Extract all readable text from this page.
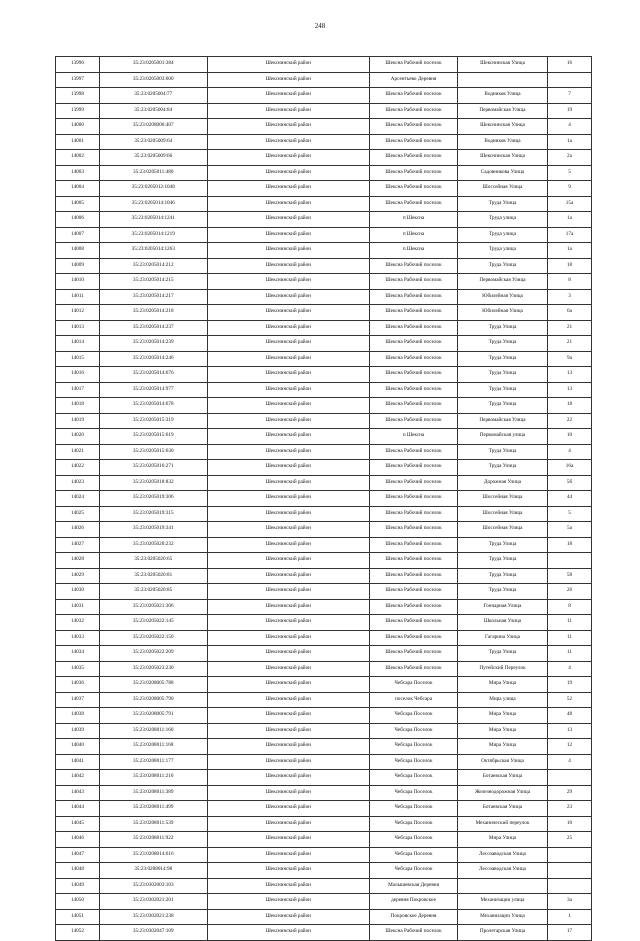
248
13996	35:23:0205001:384	Шекснинский район	Шексна Рабочий поселок	Шекснинская Улица	16
13997	35:23:0205003:600	Шекснинский район	Арсентьево Деревня		
13998	35:23:0205004:77	Шекснинский район	Шексна Рабочий поселок	Водников Улица	7
13999	35:23:0205004:84	Шекснинский район	Шексна Рабочий поселок	Первомайская Улица	19
14000	35:23:0208006:407	Шекснинский район	Шексна Рабочий поселок	Шекснинская Улица	4
14001	35:23:0205009:64	Шекснинский район	Шексна Рабочий поселок	Водников Улица	1а
14002	35:23:0205009:66	Шекснинский район	Шексна Рабочий поселок	Шекснинская Улица	2а
14003	35:23:0205011:480	Шекснинский район	Шексна Рабочий поселок	Садовникова Улица	5
14004	35:23:0205012:1048	Шекснинский район	Шексна Рабочий поселок	Шоссейная Улица	9
14005	35:23:0205014:1046	Шекснинский район	Шексна Рабочий поселок	Труда Улица	15а
14006	35:23:0205014:1241	Шекснинский район	п Шексна	Труда улица	1а
14007	35:23:0205014:1219	Шекснинский район	п Шексна	Труда улица	17а
14008	35:23:0205014:1263	Шекснинский район	п Шексна	Труда улица	1а
14009	35:23:0205014:212	Шекснинский район	Шексна Рабочий поселок	Труда Улица	18
14010	35:23:0205014:215	Шекснинский район	Шексна Рабочий поселок	Первомайская Улица	8
14011	35:23:0205014:217	Шекснинский район	Шексна Рабочий поселок	Юбилейная Улица	3
14012	35:23:0205014:218	Шекснинский район	Шексна Рабочий поселок	Юбилейная Улица	6а
14013	35:23:0205014:237	Шекснинский район	Шексна Рабочий поселок	Труда Улица	21
14014	35:23:0205014:239	Шекснинский район	Шексна Рабочий поселок	Труда Улица	21
14015	35:23:0205014:246	Шекснинский район	Шексна Рабочий поселок	Труда Улица	9а
14016	35:23:0205014:676	Шекснинский район	Шексна Рабочий поселок	Труда Улица	13
14017	35:23:0205014:977	Шекснинский район	Шексна Рабочий поселок	Труда Улица	13
14018	35:23:0205014:678	Шекснинский район	Шексна Рабочий поселок	Труда Улица	18
14019	35:23:0205015:319	Шекснинский район	Шексна Рабочий поселок	Первомайская Улица	22
14020	35:23:0205015:619	Шекснинский район	п Шексна	Первомайская улица	10
14021	35:23:0205015:630	Шекснинский район	Шексна Рабочий поселок	Труда Улица	4
14022	35:23:0205016:271	Шекснинский район	Шексна Рабочий поселок	Труда Улица	16а
14023	35:23:0205018:832	Шекснинский район	Шексна Рабочий поселок	Дорожная Улица	5б
14024	35:23:0205019:306	Шекснинский район	Шексна Рабочий поселок	Шоссейная Улица	44
14025	35:23:0205019:315	Шекснинский район	Шексна Рабочий поселок	Шоссейная Улица	5
14026	35:23:0205019:341	Шекснинский район	Шексна Рабочий поселок	Шоссейная Улица	5а
14027	35:23:0205020:232	Шекснинский район	Шексна Рабочий поселок	Труда Улица	18
14028	35:23:0205020:65	Шекснинский район	Шексна Рабочий поселок	Труда Улица	
14029	35:23:0205020:81	Шекснинский район	Шексна Рабочий поселок	Труда Улица	58
14030	35:23:0205020:85	Шекснинский район	Шексна Рабочий поселок	Труда Улица	26
14031	35:23:0205021:306	Шекснинский район	Шексна Рабочий поселок	Гончарная Улица	8
14032	35:23:0205022:145	Шекснинский район	Шексна Рабочий поселок	Школьная Улица	11
14033	35:23:0205022:150	Шекснинский район	Шексна Рабочий поселок	Гагарина Улица	11
14034	35:23:0205022:209	Шекснинский район	Шексна Рабочий поселок	Труда Улица	11
14035	35:23:0205023:230	Шекснинский район	Шексна Рабочий поселок	Путейский Переулок	4
14036	35:23:0208005:788	Шекснинский район	Чебсара Поселок	Мира Улица	19
14037	35:23:0208005:790	Шекснинский район	поселок Чебсара	Мира улица	52
14038	35:23:0208005:791	Шекснинский район	Чебсара Поселок	Мира Улица	48
14039	35:23:0208011:160	Шекснинский район	Чебсара Поселок	Мира Улица	13
14040	35:23:0208011:168	Шекснинский район	Чебсара Поселок	Мира Улица	12
14041	35:23:0208011:177	Шекснинский район	Чебсара Поселок	Октябрьская Улица	4
14042	35:23:0208011:210	Шекснинский район	Чебсара Поселок	Ботаевская Улица	
14043	35:23:0208011:389	Шекснинский район	Чебсара Поселок	Железнодорожная Улица	29
14044	35:23:0208011:499	Шекснинский район	Чебсара Поселок	Ботаевская Улица	23
14045	35:23:0208011:539	Шекснинский район	Чебсара Поселок	Механический переулок	10
14046	35:23:0208011:922	Шекснинский район	Чебсара Поселок	Мира Улица	25
14047	35:23:0208014:616	Шекснинский район	Чебсара Поселок	Лесозаводская Улица	
14048	35:23:0208014:98	Шекснинский район	Чебсара Поселок	Лесозаводская Улица	
14049	35:23:0302003:103	Шекснинский район	Малышевская Деревня		
14050	35:23:0302021:201	Шекснинский район	деревня Покровское	Механизации улица	3а
14051	35:23:0302021:238	Шекснинский район	Покровское Деревня	Механизации Улица	1
14052	35:23:0302047:109	Шекснинский район	Шексна Рабочий поселок	Пролетарская Улица	17
